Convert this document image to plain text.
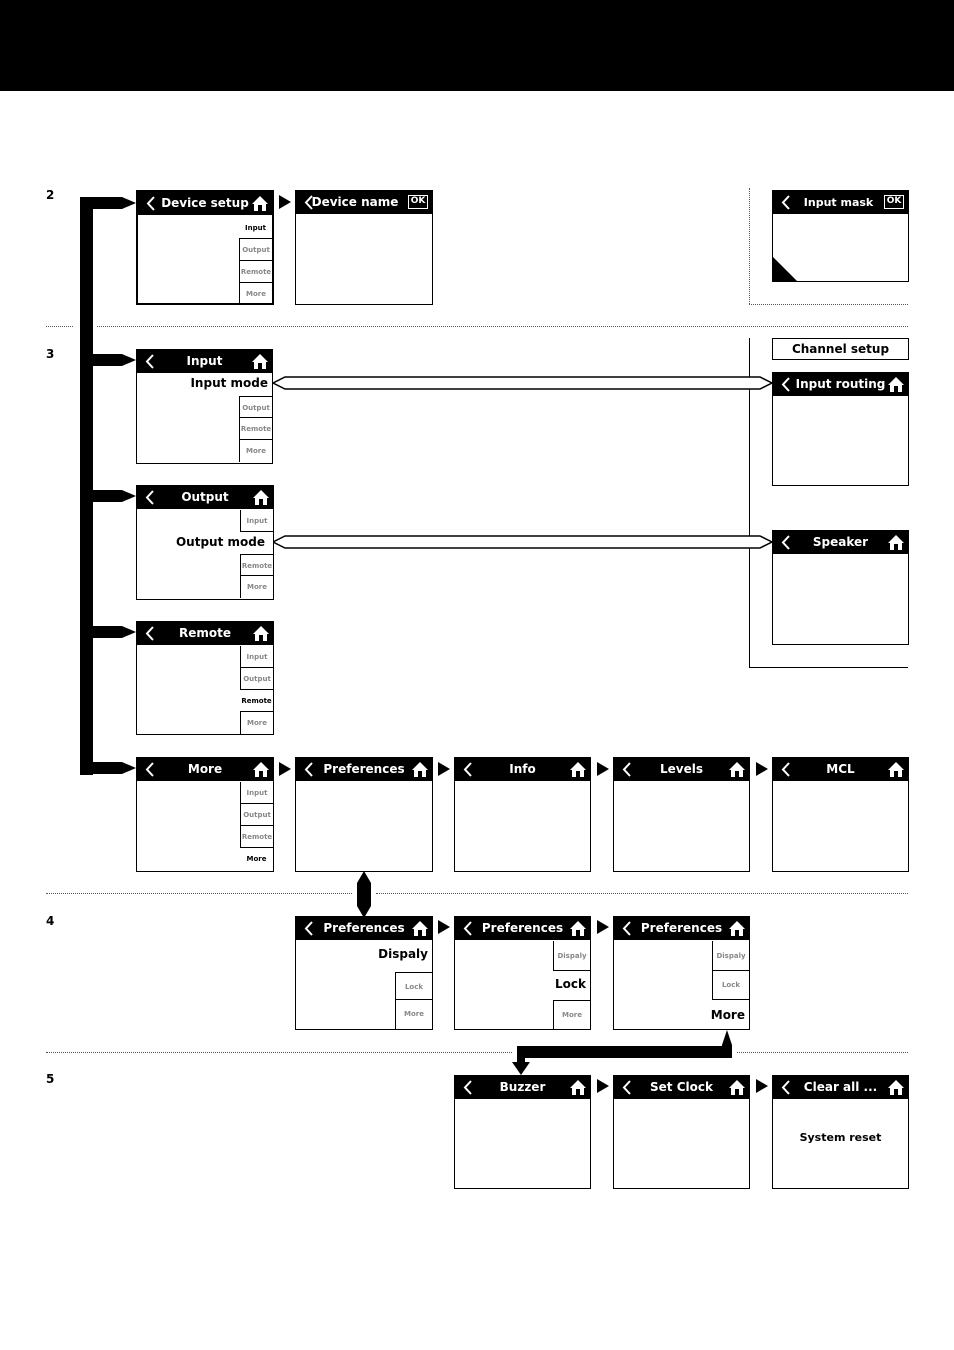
2
3
4
5
Device setup
Input
Output
Remote
More
Device name	OK	Input mask	OK
Input
Input mode
Output
Remote
More
Output
Input
Output mode
Remote
More
Remote
Input
Output
Remote
More
More
Input
Output
Remote
More
Preferences	Info	Levels	MCL
Channel setup
Input routing
Speaker
Preferences
Dispaly
Lock
More
Preferences
Dispaly
Lock
More
Preferences
Dispaly
Lock
More
Buzzer	Set Clock	Clear all ...
System reset
